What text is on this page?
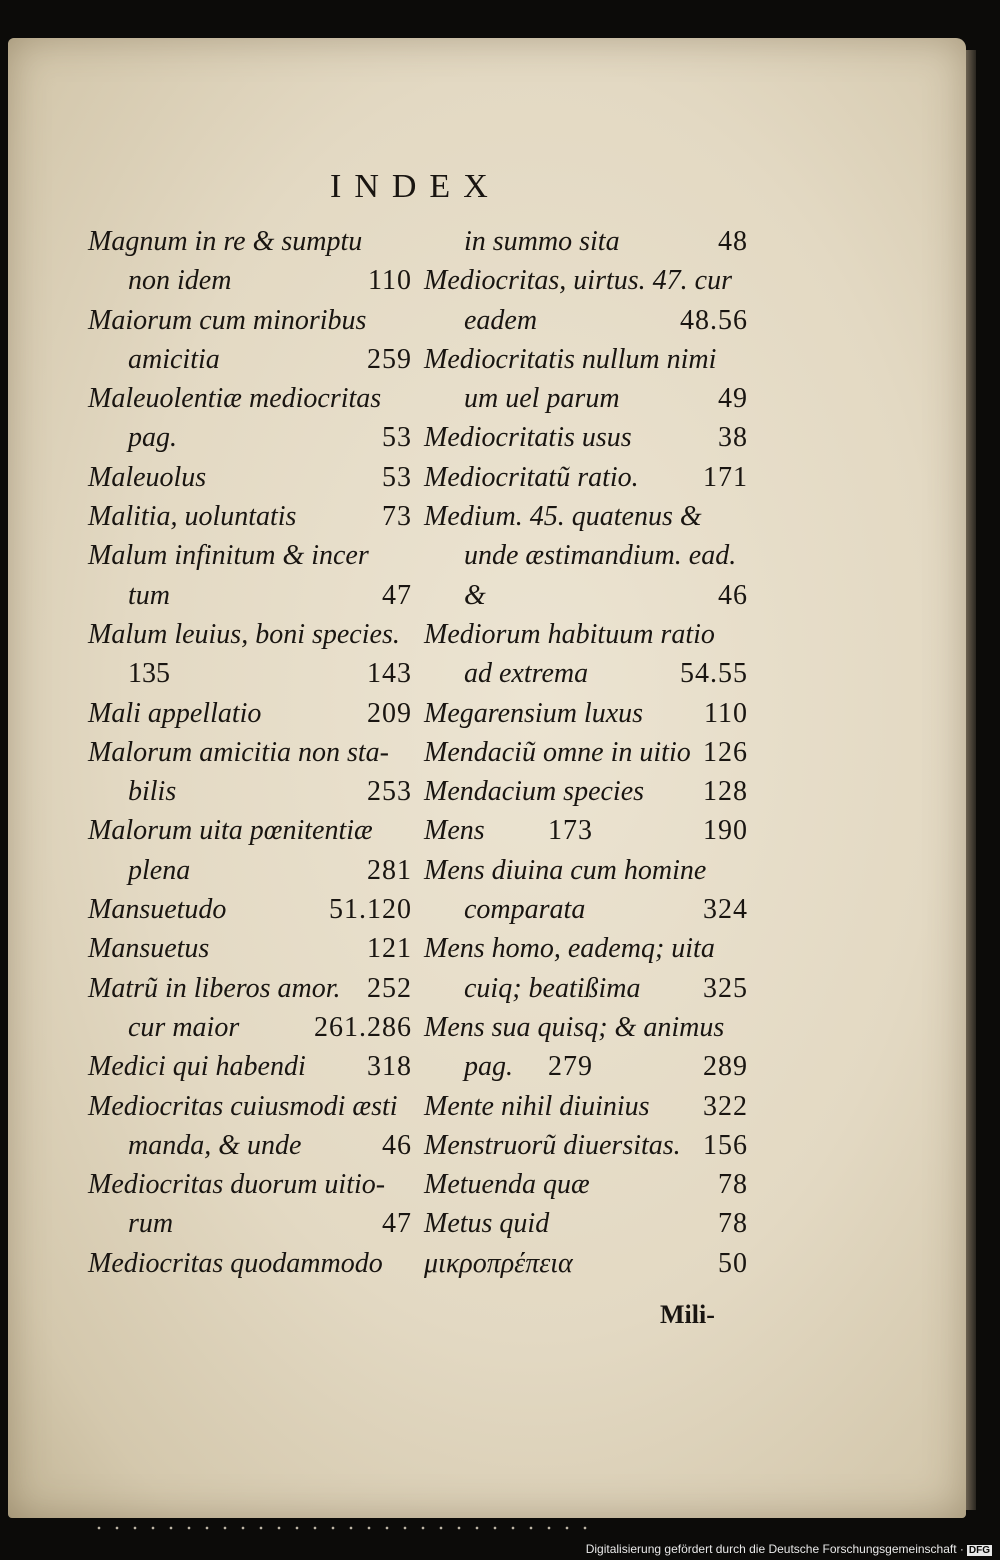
INDEX
Magnum in re & sumptu
non idem	110
Maiorum cum minoribus
amicitia	259
Maleuolentiæ mediocritas
pag.	53
Maleuolus	53
Malitia, uoluntatis	73
Malum infinitum & incer
tum	47
Malum leuius, boni species.
135	143
Mali appellatio	209
Malorum amicitia non sta-
bilis	253
Malorum uita pœnitentiæ
plena	281
Mansuetudo	51.120
Mansuetus	121
Matrũ in liberos amor. 252
cur maior	261.286
Medici qui habendi 318
Mediocritas cuiusmodi æsti
manda, & unde	46
Mediocritas duorum uitio-
rum	47
Mediocritas quodammodo
in summo sita	48
Mediocritas, uirtus. 47. cur
eadem	48.56
Mediocritatis nullum nimi
um uel parum	49
Mediocritatis usus	38
Mediocritatũ ratio. 171
Medium. 45. quatenus &
unde æstimandium. ead.
&	46
Mediorum habituum ratio
ad extrema	54.55
Megarensium luxus 110
Mendaciũ omne in uitio 126
Mendacium species 128
Mens 173	190
Mens diuina cum homine
comparata	324
Mens homo, eademq; uita
cuiq; beatißima 325
Mens sua quisq; & animus
pag. 279	289
Mente nihil diuinius 322
Menstruorũ diuersitas. 156
Metuenda quæ	78
Metus quid	78
μικροπρέπεια	50
Mili-
Digitalisierung gefördert durch die Deutsche Forschungsgemeinschaft · DFG
